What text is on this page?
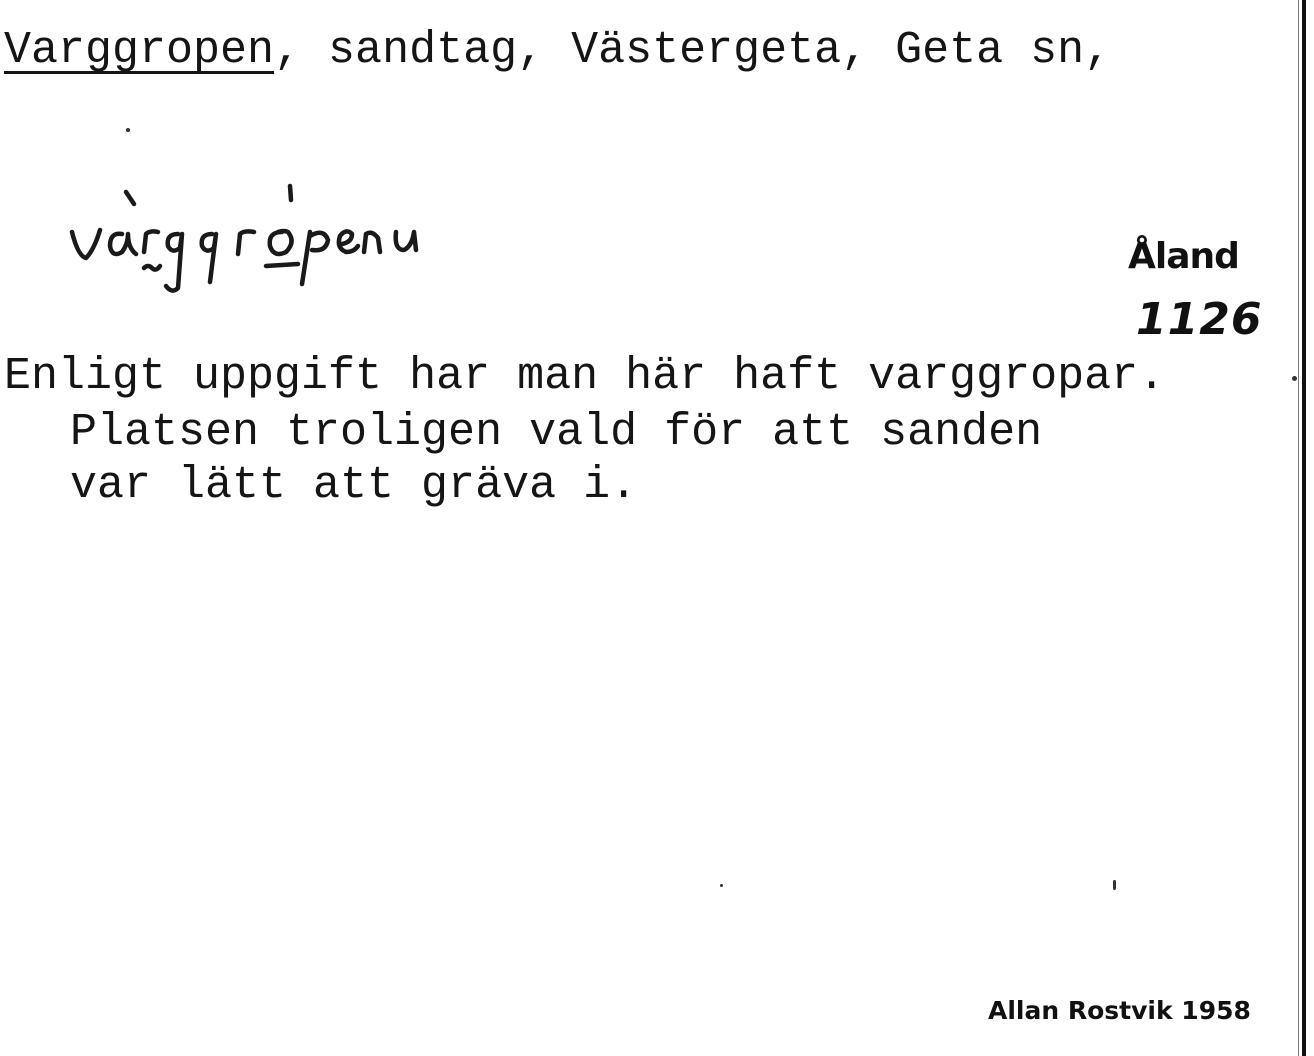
Varggropen, sandtag, Västergeta, Geta sn,
Åland
1126
Enligt uppgift har man här haft varggropar.
Platsen troligen vald för att sanden
var lätt att gräva i.
Allan Rostvik 1958
